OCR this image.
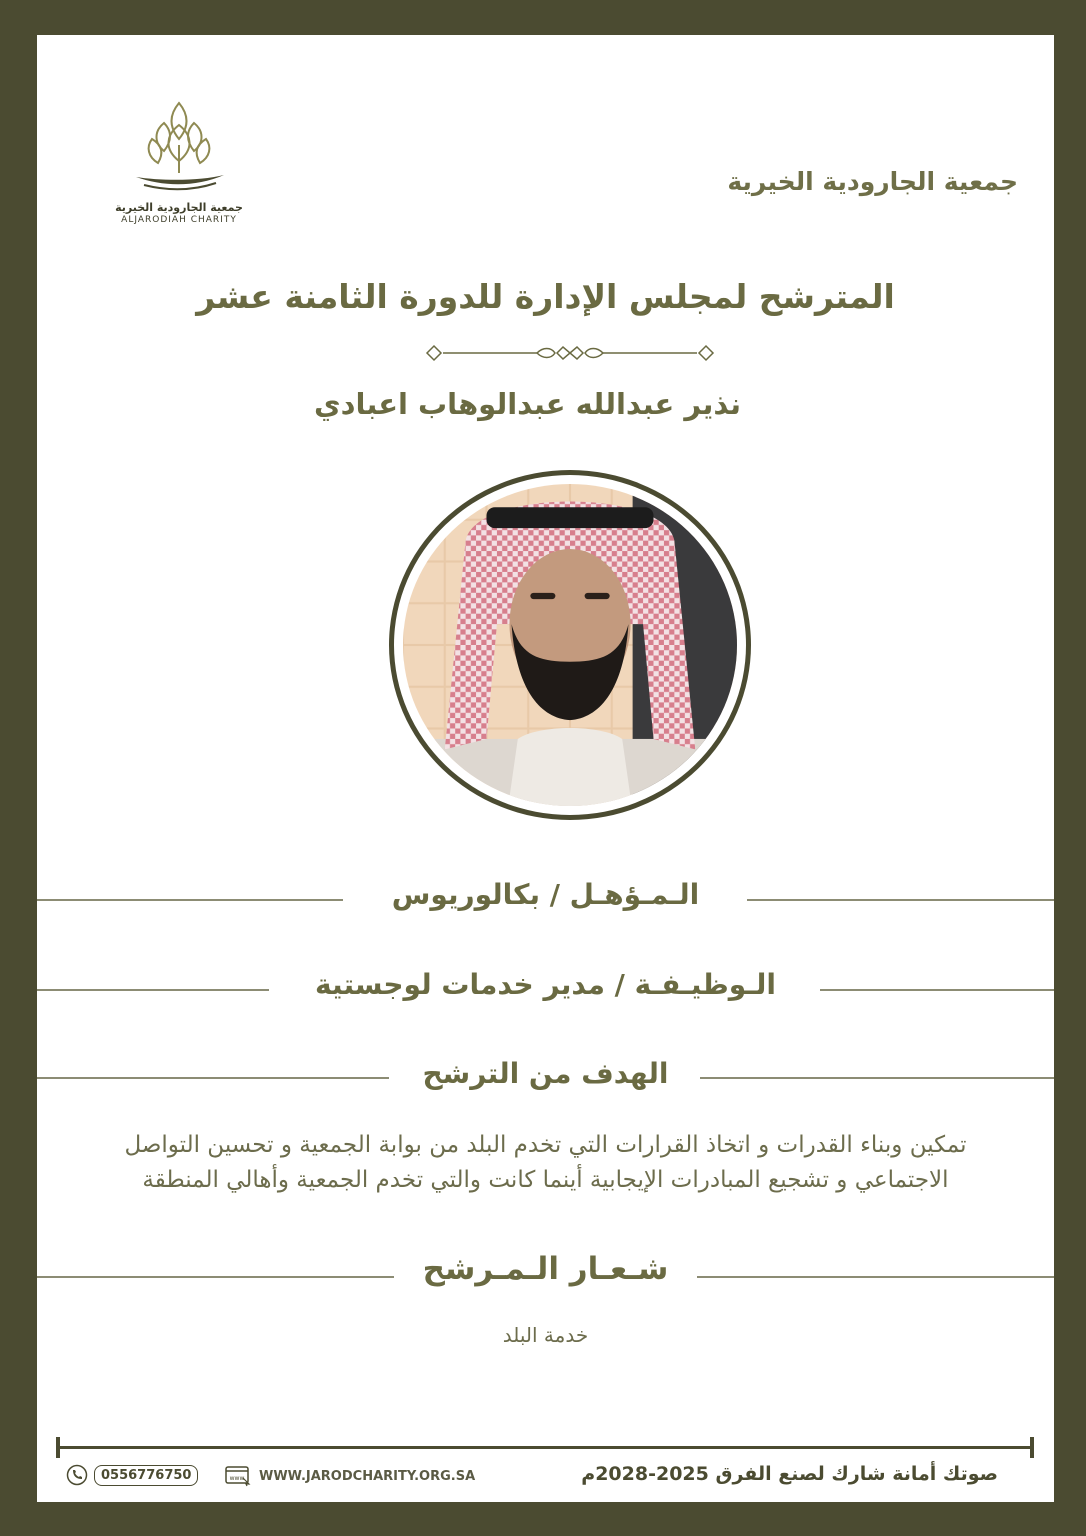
جمعية الجارودية الخيرية
جمعية الجارودية الخيرية
ALJARODIAH CHARITY
المترشح لمجلس الإدارة للدورة الثامنة عشر
نذير عبدالله عبدالوهاب اعبادي
الـمـؤهـل / بكالوريوس
الـوظيـفـة / مدير خدمات لوجستية
الهدف من الترشح
تمكين وبناء القدرات و اتخاذ القرارات التي تخدم البلد من بوابة الجمعية و تحسين التواصل الاجتماعي و تشجيع المبادرات الإيجابية أينما كانت والتي تخدم الجمعية وأهالي المنطقة
شـعـار الـمـرشح
خدمة البلد
صوتك أمانة شارك لصنع الفرق 2025-2028م
www WWW.JARODCHARITY.ORG.SA
0556776750
